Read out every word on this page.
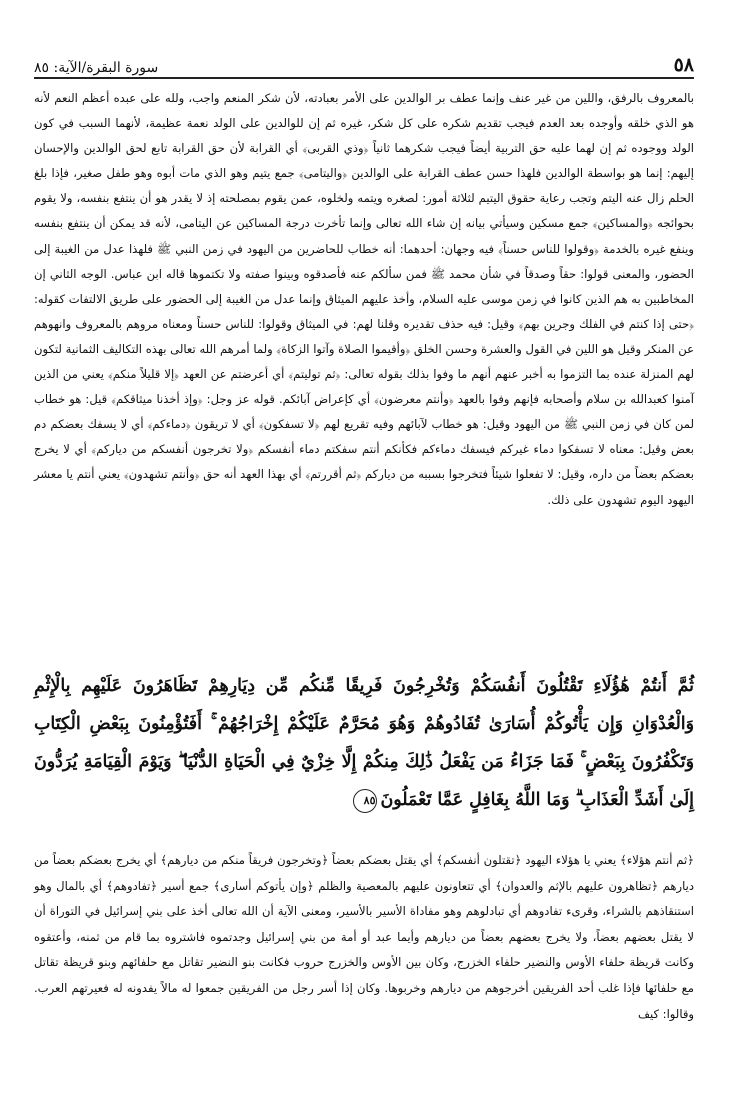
٥٨
سورة البقرة/الآية: ٨٥

بالمعروف بالرفق، واللين من غير عنف وإنما عطف بر الوالدين على الأمر بعبادته، لأن شكر المنعم واجب، ولله على عبده أعظم النعم لأنه هو الذي خلقه وأوجده بعد العدم فيجب تقديم شكره على كل شكر، غيره ثم إن للوالدين على الولد نعمة عظيمة، لأنهما السبب في كون الولد ووجوده ثم إن لهما عليه حق التربية أيضاً فيجب شكرهما ثانياً ﴿وذي القربى﴾ أي القرابة لأن حق القرابة تابع لحق الوالدين والإحسان إليهم: إنما هو بواسطة الوالدين فلهذا حسن عطف القرابة على الوالدين ﴿واليتامى﴾ جمع يتيم وهو الذي مات أبوه وهو طفل صغير، فإذا بلغ الحلم زال عنه اليتم وتجب رعاية حقوق اليتيم لثلاثة أمور: لصغره ويتمه ولخلوه، عمن يقوم بمصلحته إذ لا يقدر هو أن ينتفع بنفسه، ولا يقوم بحوائجه ﴿والمساكين﴾ جمع مسكين وسيأتي بيانه إن شاء الله تعالى وإنما تأخرت درجة المساكين عن اليتامى، لأنه قد يمكن أن ينتفع بنفسه وينفع غيره بالخدمة ﴿وقولوا للناس حسناً﴾ فيه وجهان: أحدهما: أنه خطاب للحاضرين من اليهود في زمن النبي ﷺ فلهذا عدل من الغيبة إلى الحضور، والمعنى قولوا: حقاً وصدقاً في شأن محمد ﷺ فمن سألكم عنه فأصدقوه وبينوا صفته ولا تكتموها قاله ابن عباس. الوجه الثاني إن المخاطبين به هم الذين كانوا في زمن موسى عليه السلام، وأخذ عليهم الميثاق وإنما عدل من الغيبة إلى الحضور على طريق الالتفات كقوله: ﴿حتى إذا كنتم في الفلك وجرين بهم﴾ وقيل: فيه حذف تقديره وقلنا لهم: في الميثاق وقولوا: للناس حسناً ومعناه مروهم بالمعروف وانهوهم عن المنكر وقيل هو اللين في القول والعشرة وحسن الخلق ﴿وأقيموا الصلاة وآتوا الزكاة﴾ ولما أمرهم الله تعالى بهذه التكاليف الثمانية لتكون لهم المنزلة عنده بما التزموا به أخبر عنهم أنهم ما وفوا بذلك بقوله تعالى: ﴿ثم توليتم﴾ أي أعرضتم عن العهد ﴿إلا قليلاً منكم﴾ يعني من الذين آمنوا كعبدالله بن سلام وأصحابه فإنهم وفوا بالعهد ﴿وأنتم معرضون﴾ أي كإعراض آبائكم. قوله عز وجل: ﴿وإذ أخذنا ميثاقكم﴾ قيل: هو خطاب لمن كان في زمن النبي ﷺ من اليهود وقيل: هو خطاب لآبائهم وفيه تقريع لهم ﴿لا تسفكون﴾ أي لا تريقون ﴿دماءكم﴾ أي لا يسفك بعضكم دم بعض وقيل: معناه لا تسفكوا دماء غيركم فيسفك دماءكم فكأنكم أنتم سفكتم دماء أنفسكم ﴿ولا تخرجون أنفسكم من دياركم﴾ أي لا يخرج بعضكم بعضاً من داره، وقيل: لا تفعلوا شيئاً فتخرجوا بسببه من دياركم ﴿ثم أقررتم﴾ أي بهذا العهد أنه حق ﴿وأنتم تشهدون﴾ يعني أنتم يا معشر اليهود اليوم تشهدون على ذلك.

ثُمَّ أَنتُمْ هَٰؤُلَاءِ تَقْتُلُونَ أَنفُسَكُمْ وَتُخْرِجُونَ فَرِيقًا مِّنكُم مِّن دِيَارِهِمْ تَظَاهَرُونَ عَلَيْهِم بِالْإِثْمِ وَالْعُدْوَانِ وَإِن يَأْتُوكُمْ أُسَارَىٰ تُفَادُوهُمْ وَهُوَ مُحَرَّمٌ عَلَيْكُمْ إِخْرَاجُهُمْ ۚ أَفَتُؤْمِنُونَ بِبَعْضِ الْكِتَابِ وَتَكْفُرُونَ بِبَعْضٍ ۚ فَمَا جَزَاءُ مَن يَفْعَلُ ذَٰلِكَ مِنكُمْ إِلَّا خِزْيٌ فِي الْحَيَاةِ الدُّنْيَا ۖ وَيَوْمَ الْقِيَامَةِ يُرَدُّونَ إِلَىٰ أَشَدِّ الْعَذَابِ ۗ وَمَا اللَّهُ بِغَافِلٍ عَمَّا تَعْمَلُونَ٨٥

﴿ثم أنتم هؤلاء﴾ يعني يا هؤلاء اليهود ﴿تقتلون أنفسكم﴾ أي يقتل بعضكم بعضاً ﴿وتخرجون فريقاً منكم من ديارهم﴾ أي يخرج بعضكم بعضاً من ديارهم ﴿تظاهرون عليهم بالإثم والعدوان﴾ أي تتعاونون عليهم بالمعصية والظلم ﴿وإن يأتوكم أسارى﴾ جمع أسير ﴿تفادوهم﴾ أي بالمال وهو استنقاذهم بالشراء، وقرىء تفادوهم أي تبادلوهم وهو مفاداة الأسير بالأسير، ومعنى الآية أن الله تعالى أخذ على بني إسرائيل في التوراة أن لا يقتل بعضهم بعضاً، ولا يخرج بعضهم بعضاً من ديارهم وأيما عبد أو أمة من بني إسرائيل وجدتموه فاشتروه بما قام من ثمنه، وأعتقوه وكانت قريظة حلفاء الأوس والنضير حلفاء الخزرج، وكان بين الأوس والخزرج حروب فكانت بنو النضير تقاتل مع حلفائهم وبنو قريظة تقاتل مع حلفائها فإذا غلب أحد الفريقين أخرجوهم من ديارهم وخربوها. وكان إذا أسر رجل من الفريقين جمعوا له مالاً يفدونه له فعيرتهم العرب. وقالوا: كيف
